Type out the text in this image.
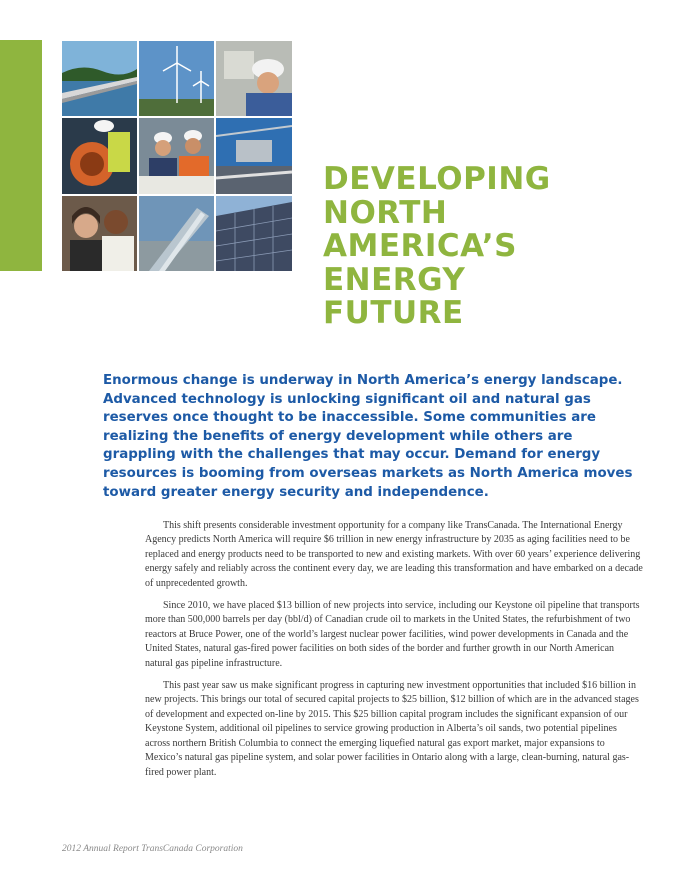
DEVELOPING
NORTH
AMERICA’S
ENERGY
FUTURE

Enormous change is underway in North America’s energy landscape. Advanced technology is unlocking significant oil and natural gas reserves once thought to be inaccessible. Some communities are realizing the benefits of energy development while others are grappling with the challenges that may occur. Demand for energy resources is booming from overseas markets as North America moves toward greater energy security and independence.

This shift presents considerable investment opportunity for a company like TransCanada. The International Energy Agency predicts North America will require $6 trillion in new energy infrastructure by 2035 as aging facilities need to be replaced and energy products need to be transported to new and existing markets. With over 60 years’ experience delivering energy safely and reliably across the continent every day, we are leading this transformation and have embarked on a decade of unprecedented growth.

Since 2010, we have placed $13 billion of new projects into service, including our Keystone oil pipeline that transports more than 500,000 barrels per day (bbl/d) of Canadian crude oil to markets in the United States, the refurbishment of two reactors at Bruce Power, one of the world’s largest nuclear power facilities, wind power developments in Canada and the United States, natural gas-fired power facilities on both sides of the border and further growth in our North American natural gas pipeline infrastructure.

This past year saw us make significant progress in capturing new investment opportunities that included $16 billion in new projects. This brings our total of secured capital projects to $25 billion, $12 billion of which are in the advanced stages of development and expected on-line by 2015. This $25 billion capital program includes the significant expansion of our Keystone System, additional oil pipelines to service growing production in Alberta’s oil sands, two potential pipelines across northern British Columbia to connect the emerging liquefied natural gas export market, major expansions to Mexico’s natural gas pipeline system, and solar power facilities in Ontario along with a large, clean-burning, natural gas-fired power plant.

2012 Annual Report TransCanada Corporation
